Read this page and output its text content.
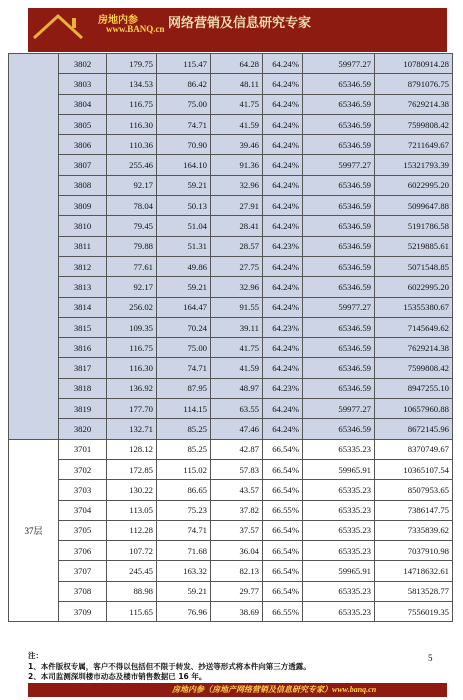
房地内参
www.BANQ.cn 网络营销及信息研究专家
	3802	179.75	115.47	64.28	64.24%	59977.27	10780914.28
	3803	134.53	86.42	48.11	64.24%	65346.59	8791076.75
	3804	116.75	75.00	41.75	64.24%	65346.59	7629214.38
	3805	116.30	74.71	41.59	64.24%	65346.59	7599808.42
	3806	110.36	70.90	39.46	64.24%	65346.59	7211649.67
	3807	255.46	164.10	91.36	64.24%	59977.27	15321793.39
	3808	92.17	59.21	32.96	64.24%	65346.59	6022995.20
	3809	78.04	50.13	27.91	64.24%	65346.59	5099647.88
	3810	79.45	51.04	28.41	64.24%	65346.59	5191786.58
	3811	79.88	51.31	28.57	64.23%	65346.59	5219885.61
	3812	77.61	49.86	27.75	64.24%	65346.59	5071548.85
	3813	92.17	59.21	32.96	64.24%	65346.59	6022995.20
	3814	256.02	164.47	91.55	64.24%	59977.27	15355380.67
	3815	109.35	70.24	39.11	64.23%	65346.59	7145649.62
	3816	116.75	75.00	41.75	64.24%	65346.59	7629214.38
	3817	116.30	74.71	41.59	64.24%	65346.59	7599808.42
	3818	136.92	87.95	48.97	64.23%	65346.59	8947255.10
	3819	177.70	114.15	63.55	64.24%	59977.27	10657960.88
	3820	132.71	85.25	47.46	64.24%	65346.59	8672145.96
37层	3701	128.12	85.25	42.87	66.54%	65335.23	8370749.67
	3702	172.85	115.02	57.83	66.54%	59965.91	10365107.54
	3703	130.22	86.65	43.57	66.54%	65335.23	8507953.65
	3704	113.05	75.23	37.82	66.55%	65335.23	7386147.75
	3705	112.28	74.71	37.57	66.54%	65335.23	7335839.62
	3706	107.72	71.68	36.04	66.54%	65335.23	7037910.98
	3707	245.45	163.32	82.13	66.54%	59965.91	14718632.61
	3708	88.98	59.21	29.77	66.54%	65335.23	5813528.77
	3709	115.65	76.96	38.69	66.55%	65335.23	7556019.35
注：
1、本件版权专属，客户不得以包括但不限于转发、抄送等形式将本件向第三方透露。
2、本司监测深圳楼市动态及楼市销售数据已 16 年。
5
房地内参（房地产网络营销及信息研究专家）www.banq.cn
